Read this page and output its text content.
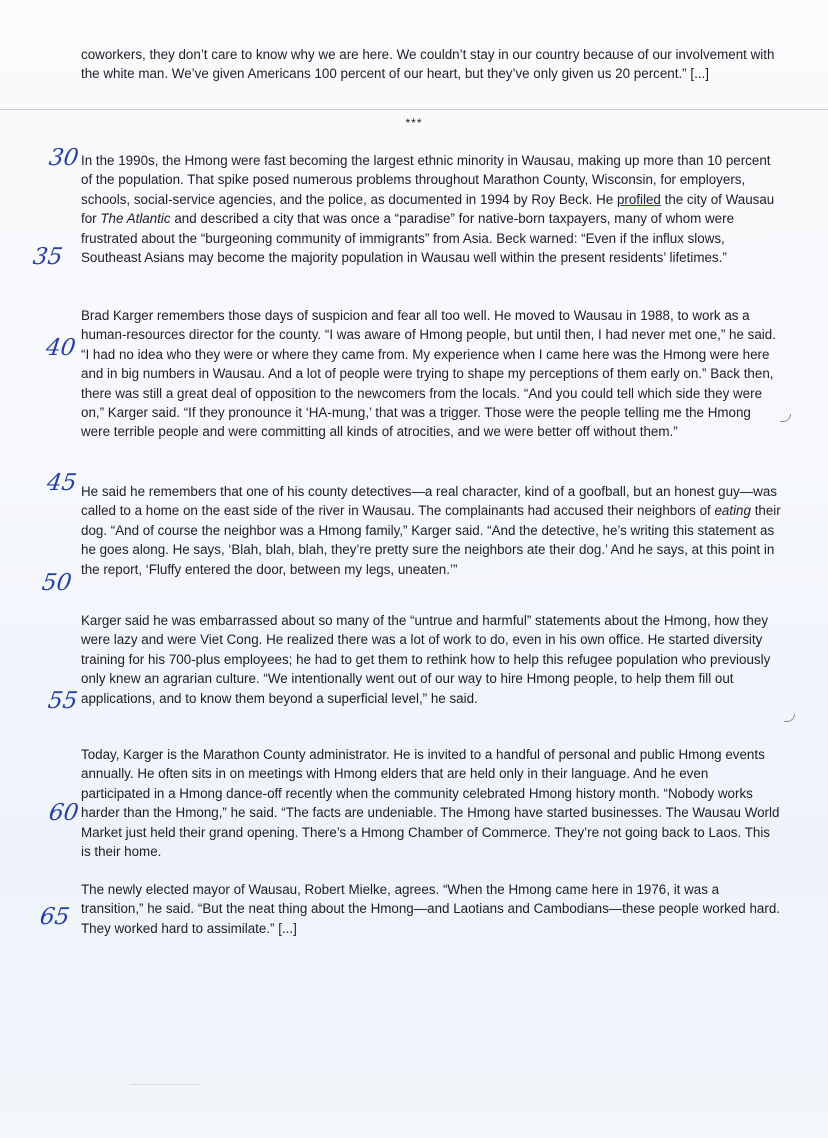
coworkers, they don’t care to know why we are here. We couldn’t stay in our country because of our involvement with the white man. We’ve given Americans 100 percent of our heart, but they’ve only given us 20 percent.” [...]

***

In the 1990s, the Hmong were fast becoming the largest ethnic minority in Wausau, making up more than 10 percent of the population. That spike posed numerous problems throughout Marathon County, Wisconsin, for employers, schools, social-service agencies, and the police, as documented in 1994 by Roy Beck. He profiled the city of Wausau for The Atlantic and described a city that was once a “paradise” for native-born taxpayers, many of whom were frustrated about the “burgeoning community of immigrants” from Asia. Beck warned: “Even if the influx slows, Southeast Asians may become the majority population in Wausau well within the present residents’ lifetimes.”

Brad Karger remembers those days of suspicion and fear all too well. He moved to Wausau in 1988, to work as a human-resources director for the county. “I was aware of Hmong people, but until then, I had never met one,” he said. “I had no idea who they were or where they came from. My experience when I came here was the Hmong were here and in big numbers in Wausau. And a lot of people were trying to shape my perceptions of them early on.” Back then, there was still a great deal of opposition to the newcomers from the locals. “And you could tell which side they were on,” Karger said. “If they pronounce it ‘HA-mung,’ that was a trigger. Those were the people telling me the Hmong were terrible people and were committing all kinds of atrocities, and we were better off without them.”

He said he remembers that one of his county detectives—a real character, kind of a goofball, but an honest guy—was called to a home on the east side of the river in Wausau. The complainants had accused their neighbors of eating their dog. “And of course the neighbor was a Hmong family,” Karger said. “And the detective, he’s writing this statement as he goes along. He says, ‘Blah, blah, blah, they’re pretty sure the neighbors ate their dog.’ And he says, at this point in the report, ‘Fluffy entered the door, between my legs, uneaten.’”

Karger said he was embarrassed about so many of the “untrue and harmful” statements about the Hmong, how they were lazy and were Viet Cong. He realized there was a lot of work to do, even in his own office. He started diversity training for his 700-plus employees; he had to get them to rethink how to help this refugee population who previously only knew an agrarian culture. “We intentionally went out of our way to hire Hmong people, to help them fill out applications, and to know them beyond a superficial level,” he said.

Today, Karger is the Marathon County administrator. He is invited to a handful of personal and public Hmong events annually. He often sits in on meetings with Hmong elders that are held only in their language. And he even participated in a Hmong dance-off recently when the community celebrated Hmong history month. “Nobody works harder than the Hmong,” he said. “The facts are undeniable. The Hmong have started businesses. The Wausau World Market just held their grand opening. There’s a Hmong Chamber of Commerce. They’re not going back to Laos. This is their home.

The newly elected mayor of Wausau, Robert Mielke, agrees. “When the Hmong came here in 1976, it was a transition,” he said. “But the neat thing about the Hmong—and Laotians and Cambodians—these people worked hard. They worked hard to assimilate.” [...]

30
35
40
45
50
55
60
65
